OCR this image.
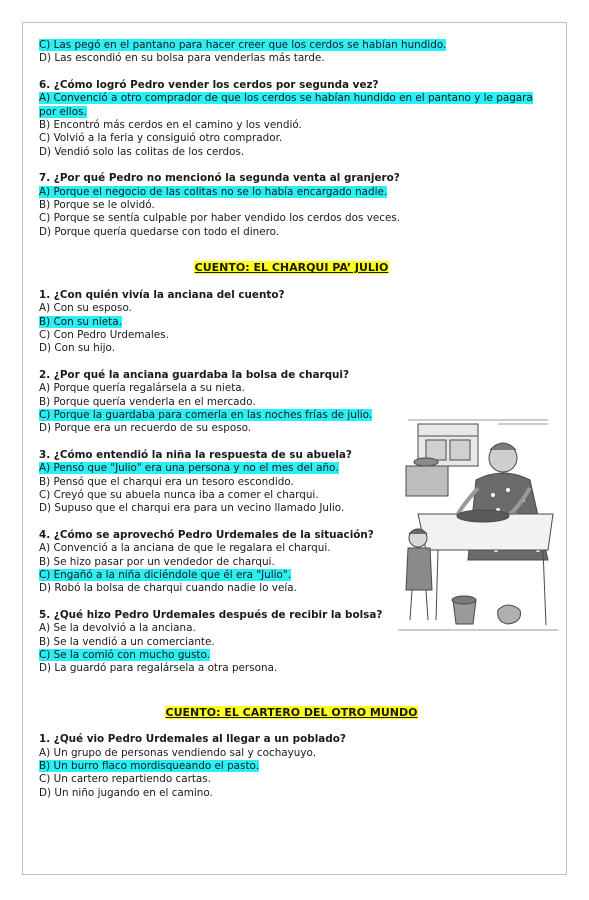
C) Las pegó en el pantano para hacer creer que los cerdos se habían hundido.

D) Las escondió en su bolsa para venderlas más tarde.

6. ¿Cómo logró Pedro vender los cerdos por segunda vez?

A) Convenció a otro comprador de que los cerdos se habían hundido en el pantano y le pagara por ellos.

B) Encontró más cerdos en el camino y los vendió.

C) Volvió a la feria y consiguió otro comprador.

D) Vendió solo las colitas de los cerdos.

7. ¿Por qué Pedro no mencionó la segunda venta al granjero?

A) Porque el negocio de las colitas no se lo había encargado nadie.

B) Porque se le olvidó.

C) Porque se sentía culpable por haber vendido los cerdos dos veces.

D) Porque quería quedarse con todo el dinero.

CUENTO: EL CHARQUI PA’ JULIO

1. ¿Con quién vivía la anciana del cuento?

A) Con su esposo.

B) Con su nieta.

C) Con Pedro Urdemales.

D) Con su hijo.

2. ¿Por qué la anciana guardaba la bolsa de charqui?

A) Porque quería regalársela a su nieta.

B) Porque quería venderla en el mercado.

C) Porque la guardaba para comerla en las noches frías de julio.

D) Porque era un recuerdo de su esposo.

3. ¿Cómo entendió la niña la respuesta de su abuela?

A) Pensó que "Julio" era una persona y no el mes del año.

B) Pensó que el charqui era un tesoro escondido.

C) Creyó que su abuela nunca iba a comer el charqui.

D) Supuso que el charqui era para un vecino llamado Julio.

4. ¿Cómo se aprovechó Pedro Urdemales de la situación?

A) Convenció a la anciana de que le regalara el charqui.

B) Se hizo pasar por un vendedor de charqui.

C) Engañó a la niña diciéndole que él era "Julio".

D) Robó la bolsa de charqui cuando nadie lo veía.

5. ¿Qué hizo Pedro Urdemales después de recibir la bolsa?

A) Se la devolvió a la anciana.

B) Se la vendió a un comerciante.

C) Se la comió con mucho gusto.

D) La guardó para regalársela a otra persona.

CUENTO: EL CARTERO DEL OTRO MUNDO

1. ¿Qué vio Pedro Urdemales al llegar a un poblado?

A) Un grupo de personas vendiendo sal y cochayuyo.

B) Un burro flaco mordisqueando el pasto.

C) Un cartero repartiendo cartas.

D) Un niño jugando en el camino.
